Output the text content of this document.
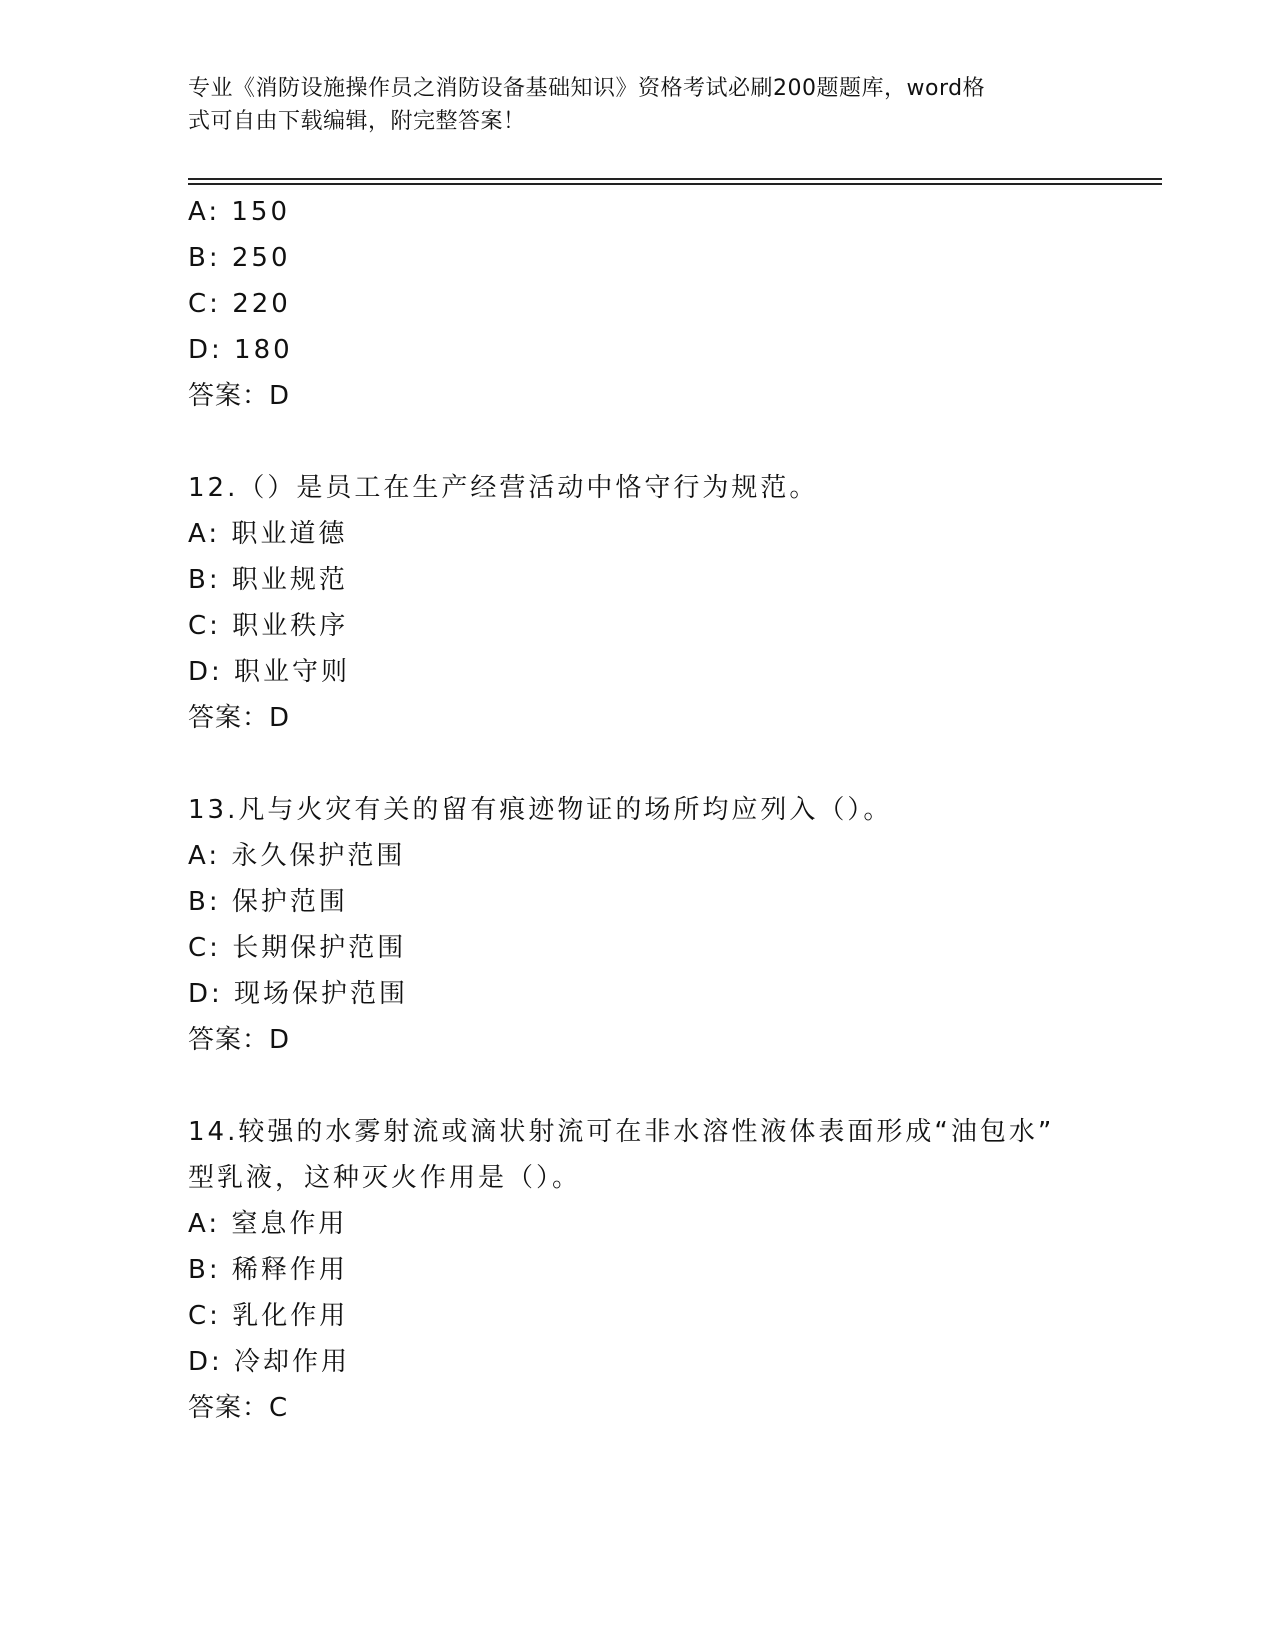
专业《消防设施操作员之消防设备基础知识》资格考试必刷200题题库，word格
式可自由下载编辑，附完整答案！
A: 150
B: 250
C: 220
D: 180
答案：D
12.（）是员工在生产经营活动中恪守行为规范。
A: 职业道德
B: 职业规范
C: 职业秩序
D: 职业守则
答案：D
13.凡与火灾有关的留有痕迹物证的场所均应列入（）。
A: 永久保护范围
B: 保护范围
C: 长期保护范围
D: 现场保护范围
答案：D
14.较强的水雾射流或滴状射流可在非水溶性液体表面形成“油包水”
型乳液，这种灭火作用是（）。
A: 窒息作用
B: 稀释作用
C: 乳化作用
D: 冷却作用
答案：C
